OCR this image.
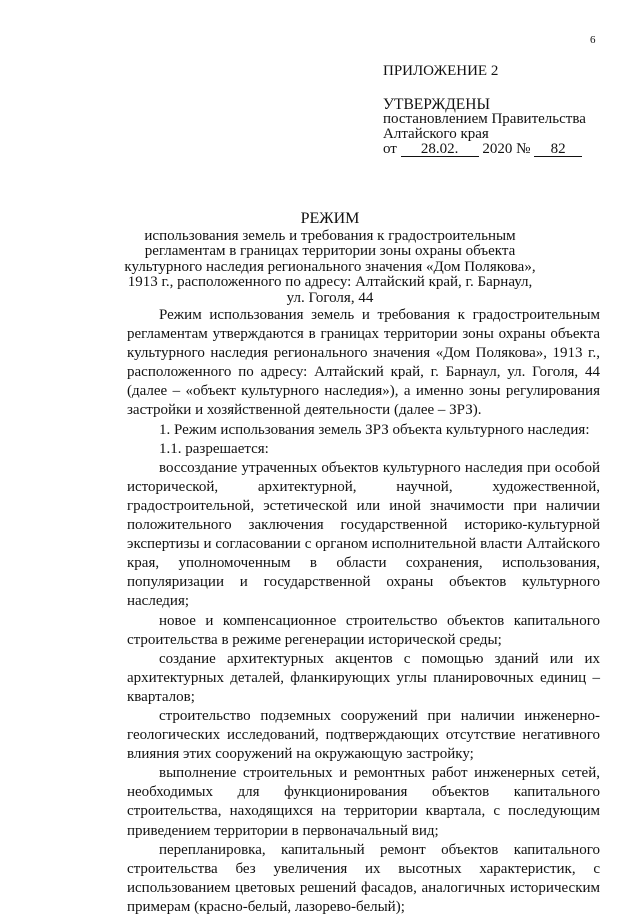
6
ПРИЛОЖЕНИЕ 2
УТВЕРЖДЕНЫ
постановлением Правительства
Алтайского края
от 28.02. 2020 № 82
РЕЖИМ
использования земель и требования к градостроительным
регламентам в границах территории зоны охраны объекта
культурного наследия регионального значения «Дом Полякова»,
1913 г., расположенного по адресу: Алтайский край, г. Барнаул,
ул. Гоголя, 44

Режим использования земель и требования к градостроительным регламентам утверждаются в границах территории зоны охраны объекта культурного наследия регионального значения «Дом Полякова», 1913 г., расположенного по адресу: Алтайский край, г. Барнаул, ул. Гоголя, 44 (далее – «объект культурного наследия»), а именно зоны регулирования застройки и хозяйственной деятельности (далее – ЗРЗ).

1. Режим использования земель ЗРЗ объекта культурного наследия:

1.1. разрешается:

воссоздание утраченных объектов культурного наследия при особой исторической, архитектурной, научной, художественной, градостроительной, эстетической или иной значимости при наличии положительного заключения государственной историко-культурной экспертизы и согласовании с органом исполнительной власти Алтайского края, уполномоченным в области сохранения, использования, популяризации и государственной охраны объектов культурного наследия;

новое и компенсационное строительство объектов капитального строительства в режиме регенерации исторической среды;

создание архитектурных акцентов с помощью зданий или их архитектурных деталей, фланкирующих углы планировочных единиц – кварталов;

строительство подземных сооружений при наличии инженерно-геологических исследований, подтверждающих отсутствие негативного влияния этих сооружений на окружающую застройку;

выполнение строительных и ремонтных работ инженерных сетей, необходимых для функционирования объектов капитального строительства, находящихся на территории квартала, с последующим приведением территории в первоначальный вид;

перепланировка, капитальный ремонт объектов капитального строительства без увеличения их высотных характеристик, с использованием цветовых решений фасадов, аналогичных историческим примерам (красно-белый, лазорево-белый);
